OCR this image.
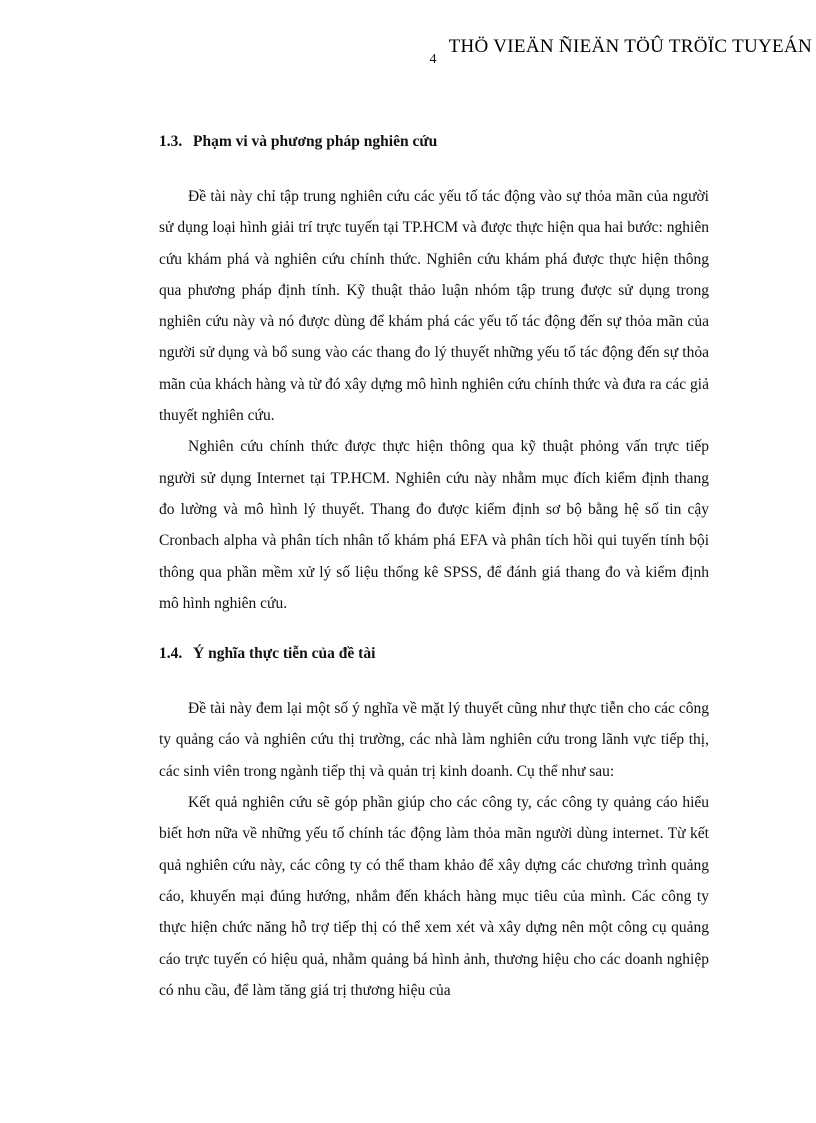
THÖ VIEÄN ÑIEÄN TÖÛ TRÖÏC TUYEÁN
4
1.3. Phạm vi và phương pháp nghiên cứu

Đề tài này chỉ tập trung nghiên cứu các yếu tố tác động vào sự thỏa mãn của người sử dụng loại hình giải trí trực tuyến tại TP.HCM và được thực hiện qua hai bước: nghiên cứu khám phá và nghiên cứu chính thức. Nghiên cứu khám phá được thực hiện thông qua phương pháp định tính. Kỹ thuật thảo luận nhóm tập trung được sử dụng trong nghiên cứu này và nó được dùng để khám phá các yếu tố tác động đến sự thỏa mãn của người sử dụng và bổ sung vào các thang đo lý thuyết những yếu tố tác động đến sự thỏa mãn của khách hàng và từ đó xây dựng mô hình nghiên cứu chính thức và đưa ra các giả thuyết nghiên cứu.

Nghiên cứu chính thức được thực hiện thông qua kỹ thuật phỏng vấn trực tiếp người sử dụng Internet tại TP.HCM. Nghiên cứu này nhằm mục đích kiểm định thang đo lường và mô hình lý thuyết. Thang đo được kiểm định sơ bộ bằng hệ số tin cậy Cronbach alpha và phân tích nhân tố khám phá EFA và phân tích hồi qui tuyến tính bội thông qua phần mềm xử lý số liệu thống kê SPSS, để đánh giá thang đo và kiểm định mô hình nghiên cứu.

1.4. Ý nghĩa thực tiễn của đề tài

Đề tài này đem lại một số ý nghĩa về mặt lý thuyết cũng như thực tiễn cho các công ty quảng cáo và nghiên cứu thị trường, các nhà làm nghiên cứu trong lãnh vực tiếp thị, các sinh viên trong ngành tiếp thị và quản trị kinh doanh. Cụ thể như sau:

Kết quả nghiên cứu sẽ góp phần giúp cho các công ty, các công ty quảng cáo hiểu biết hơn nữa về những yếu tố chính tác động làm thỏa mãn người dùng internet. Từ kết quả nghiên cứu này, các công ty có thể tham khảo để xây dựng các chương trình quảng cáo, khuyến mại đúng hướng, nhắm đến khách hàng mục tiêu của mình. Các công ty thực hiện chức năng hỗ trợ tiếp thị có thể xem xét và xây dựng nên một công cụ quảng cáo trực tuyến có hiệu quả, nhằm quảng bá hình ảnh, thương hiệu cho các doanh nghiệp có nhu cầu, để làm tăng giá trị thương hiệu của
